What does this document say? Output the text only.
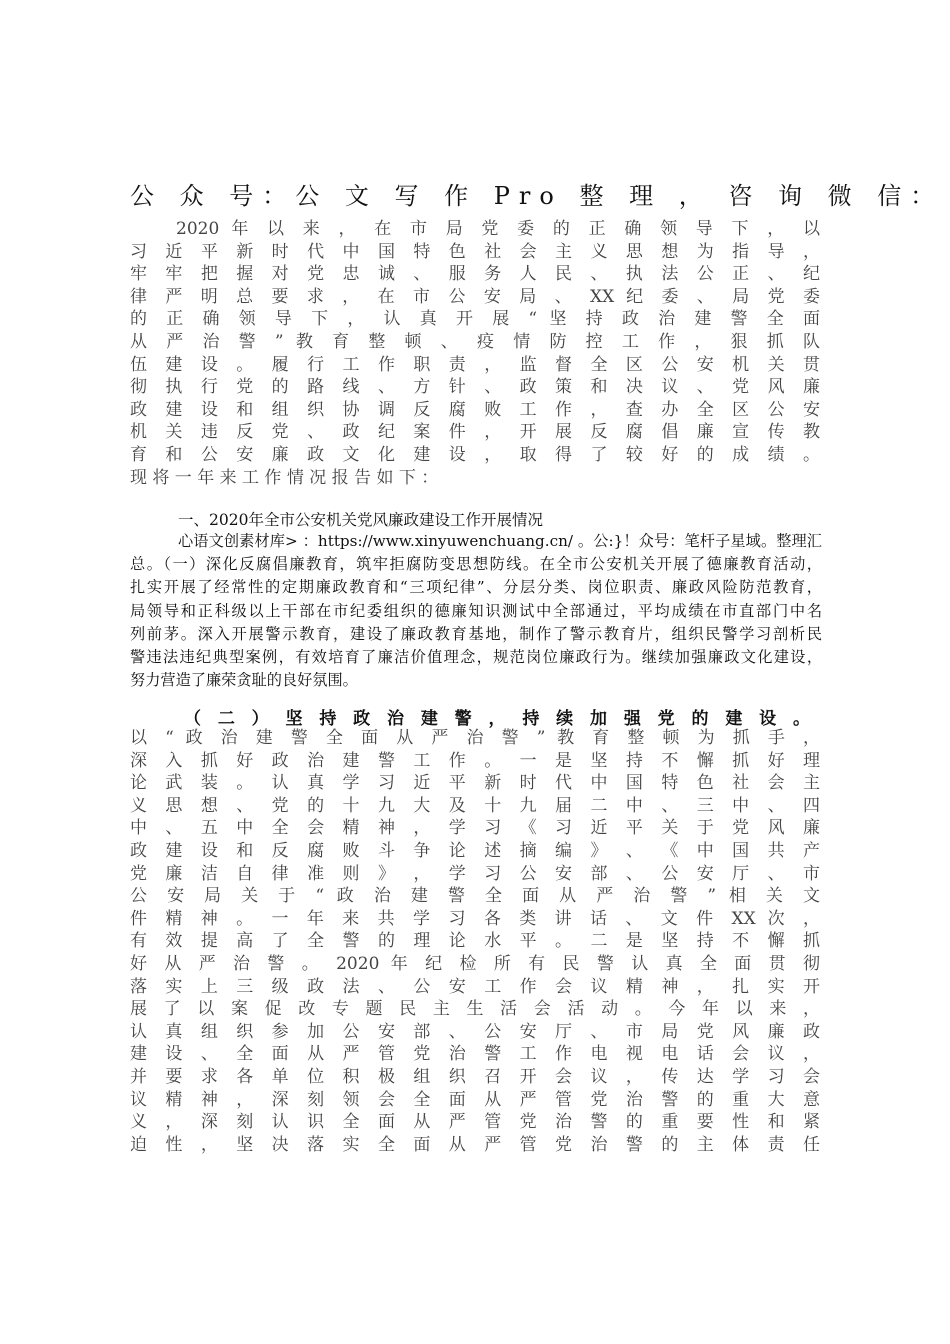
公 众 号：公 文 写 作 Pro 整 理 ， 咨 询 微 信：
2020 年 以 来 ， 在 市 局 党 委 的 正 确 领 导 下 ， 以
习 近 平 新 时 代 中 国 特 色 社 会 主 义 思 想 为 指 导 ，
牢 牢 把 握 对 党 忠 诚 、 服 务 人 民 、 执 法 公 正 、 纪
律 严 明 总 要 求 ， 在 市 公 安 局 、 XX 纪 委 、 局 党 委
的 正 确 领 导 下 ， 认 真 开 展 “ 坚 持 政 治 建 警 全 面
从 严 治 警 ” 教 育 整 顿 、 疫 情 防 控 工 作 ， 狠 抓 队
伍 建 设 。 履 行 工 作 职 责 ， 监 督 全 区 公 安 机 关 贯
彻 执 行 党 的 路 线 、 方 针 、 政 策 和 决 议 、 党 风 廉
政 建 设 和 组 织 协 调 反 腐 败 工 作 ， 查 办 全 区 公 安
机 关 违 反 党 、 政 纪 案 件 ， 开 展 反 腐 倡 廉 宣 传 教
育 和 公 安 廉 政 文 化 建 设 ， 取 得 了 较 好 的 成 绩 。
现 将 一 年 来 工 作 情 况 报 告 如 下 ：
一、2020年全市公安机关党风廉政建设工作开展情况
心语文创素材库> ：https://www.xinyuwenchuang.cn/ 。公:}！众号：笔杆子星域。整理汇
总。（一）深化反腐倡廉教育，筑牢拒腐防变思想防线。在全市公安机关开展了德廉教育活动，
扎实开展了经常性的定期廉政教育和“三项纪律”、分层分类、岗位职责、廉政风险防范教育，
局领导和正科级以上干部在市纪委组织的德廉知识测试中全部通过，平均成绩在市直部门中名
列前茅。深入开展警示教育，建设了廉政教育基地，制作了警示教育片，组织民警学习剖析民
警违法违纪典型案例，有效培育了廉洁价值理念，规范岗位廉政行为。继续加强廉政文化建设，
努力营造了廉荣贪耻的良好氛围。
（ 二 ） 坚 持 政 治 建 警 ， 持 续 加 强 党 的 建 设 。
以 “ 政 治 建 警 全 面 从 严 治 警 ” 教 育 整 顿 为 抓 手 ，
深 入 抓 好 政 治 建 警 工 作 。 一 是 坚 持 不 懈 抓 好 理
论 武 装 。 认 真 学 习 近 平 新 时 代 中 国 特 色 社 会 主
义 思 想 、 党 的 十 九 大 及 十 九 届 二 中 、 三 中 、 四
中 、 五 中 全 会 精 神 ， 学 习 《 习 近 平 关 于 党 风 廉
政 建 设 和 反 腐 败 斗 争 论 述 摘 编 》 、 《 中 国 共 产
党 廉 洁 自 律 准 则 》 ， 学 习 公 安 部 、 公 安 厅 、 市
公 安 局 关 于 “ 政 治 建 警 全 面 从 严 治 警 ” 相 关 文
件 精 神 。 一 年 来 共 学 习 各 类 讲 话 、 文 件 XX 次 ，
有 效 提 高 了 全 警 的 理 论 水 平 。 二 是 坚 持 不 懈 抓
好 从 严 治 警 。 2020 年 纪 检 所 有 民 警 认 真 全 面 贯 彻
落 实 上 三 级 政 法 、 公 安 工 作 会 议 精 神 ， 扎 实 开
展 了 以 案 促 改 专 题 民 主 生 活 会 活 动 。 今 年 以 来 ，
认 真 组 织 参 加 公 安 部 、 公 安 厅 、 市 局 党 风 廉 政
建 设 、 全 面 从 严 管 党 治 警 工 作 电 视 电 话 会 议 ，
并 要 求 各 单 位 积 极 组 织 召 开 会 议 ， 传 达 学 习 会
议 精 神 ， 深 刻 领 会 全 面 从 严 管 党 治 警 的 重 大 意
义 ， 深 刻 认 识 全 面 从 严 管 党 治 警 的 重 要 性 和 紧
迫 性 ， 坚 决 落 实 全 面 从 严 管 党 治 警 的 主 体 责 任
